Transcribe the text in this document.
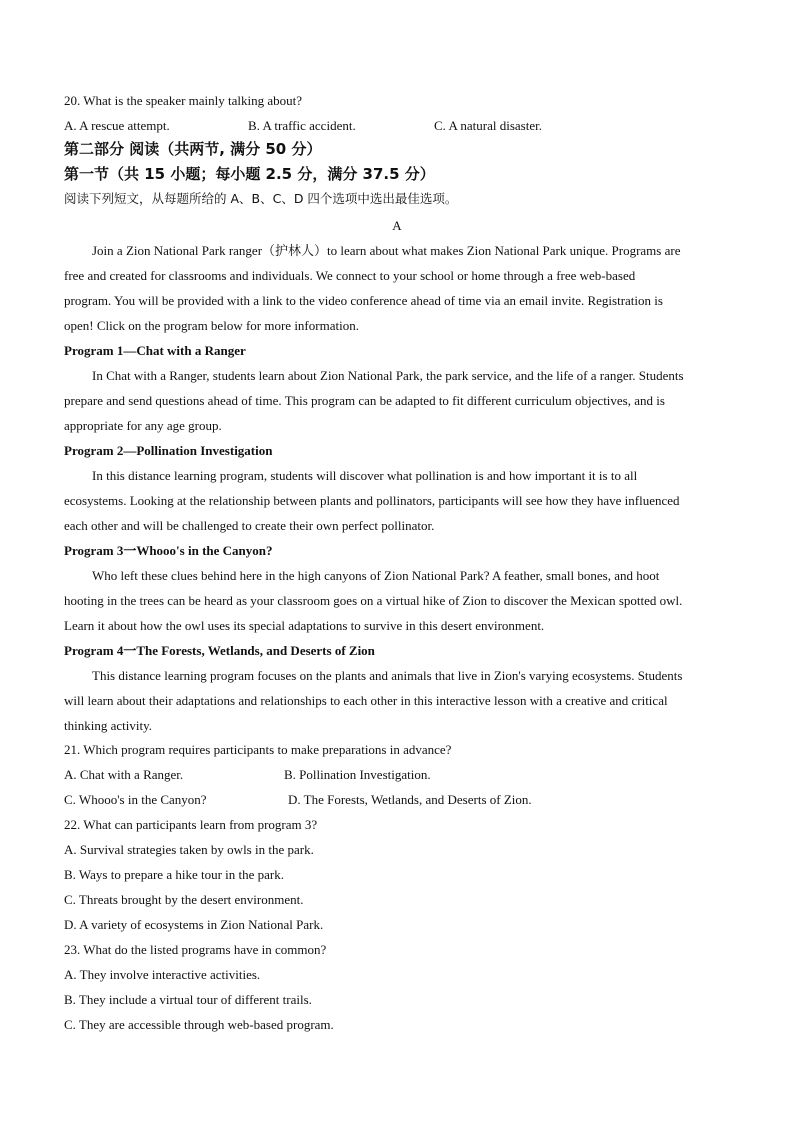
20. What is the speaker mainly talking about?
A. A rescue attempt.	B. A traffic accident.	C. A natural disaster.
第二部分 阅读（共两节, 满分 50 分）
第一节（共 15 小题；每小题 2.5 分，满分 37.5 分）
阅读下列短文，从每题所给的 A、B、C、D 四个选项中选出最佳选项。
A
Join a Zion National Park ranger（护林人）to learn about what makes Zion National Park unique. Programs are
free and created for classrooms and individuals. We connect to your school or home through a free web-based
program. You will be provided with a link to the video conference ahead of time via an email invite. Registration is
open! Click on the program below for more information.
Program 1—Chat with a Ranger
In Chat with a Ranger, students learn about Zion National Park, the park service, and the life of a ranger. Students
prepare and send questions ahead of time. This program can be adapted to fit different curriculum objectives, and is
appropriate for any age group.
Program 2—Pollination Investigation
In this distance learning program, students will discover what pollination is and how important it is to all
ecosystems. Looking at the relationship between plants and pollinators, participants will see how they have influenced
each other and will be challenged to create their own perfect pollinator.
Program 3一Whooo's in the Canyon?
Who left these clues behind here in the high canyons of Zion National Park? A feather, small bones, and hoot
hooting in the trees can be heard as your classroom goes on a virtual hike of Zion to discover the Mexican spotted owl.
Learn it about how the owl uses its special adaptations to survive in this desert environment.
Program 4一The Forests, Wetlands, and Deserts of Zion
This distance learning program focuses on the plants and animals that live in Zion's varying ecosystems. Students
will learn about their adaptations and relationships to each other in this interactive lesson with a creative and critical
thinking activity.
21. Which program requires participants to make preparations in advance?
A. Chat with a Ranger.	B. Pollination Investigation.
C. Whooo's in the Canyon?	D. The Forests, Wetlands, and Deserts of Zion.
22. What can participants learn from program 3?
A. Survival strategies taken by owls in the park.
B. Ways to prepare a hike tour in the park.
C. Threats brought by the desert environment.
D. A variety of ecosystems in Zion National Park.
23. What do the listed programs have in common?
A. They involve interactive activities.
B. They include a virtual tour of different trails.
C. They are accessible through web-based program.
